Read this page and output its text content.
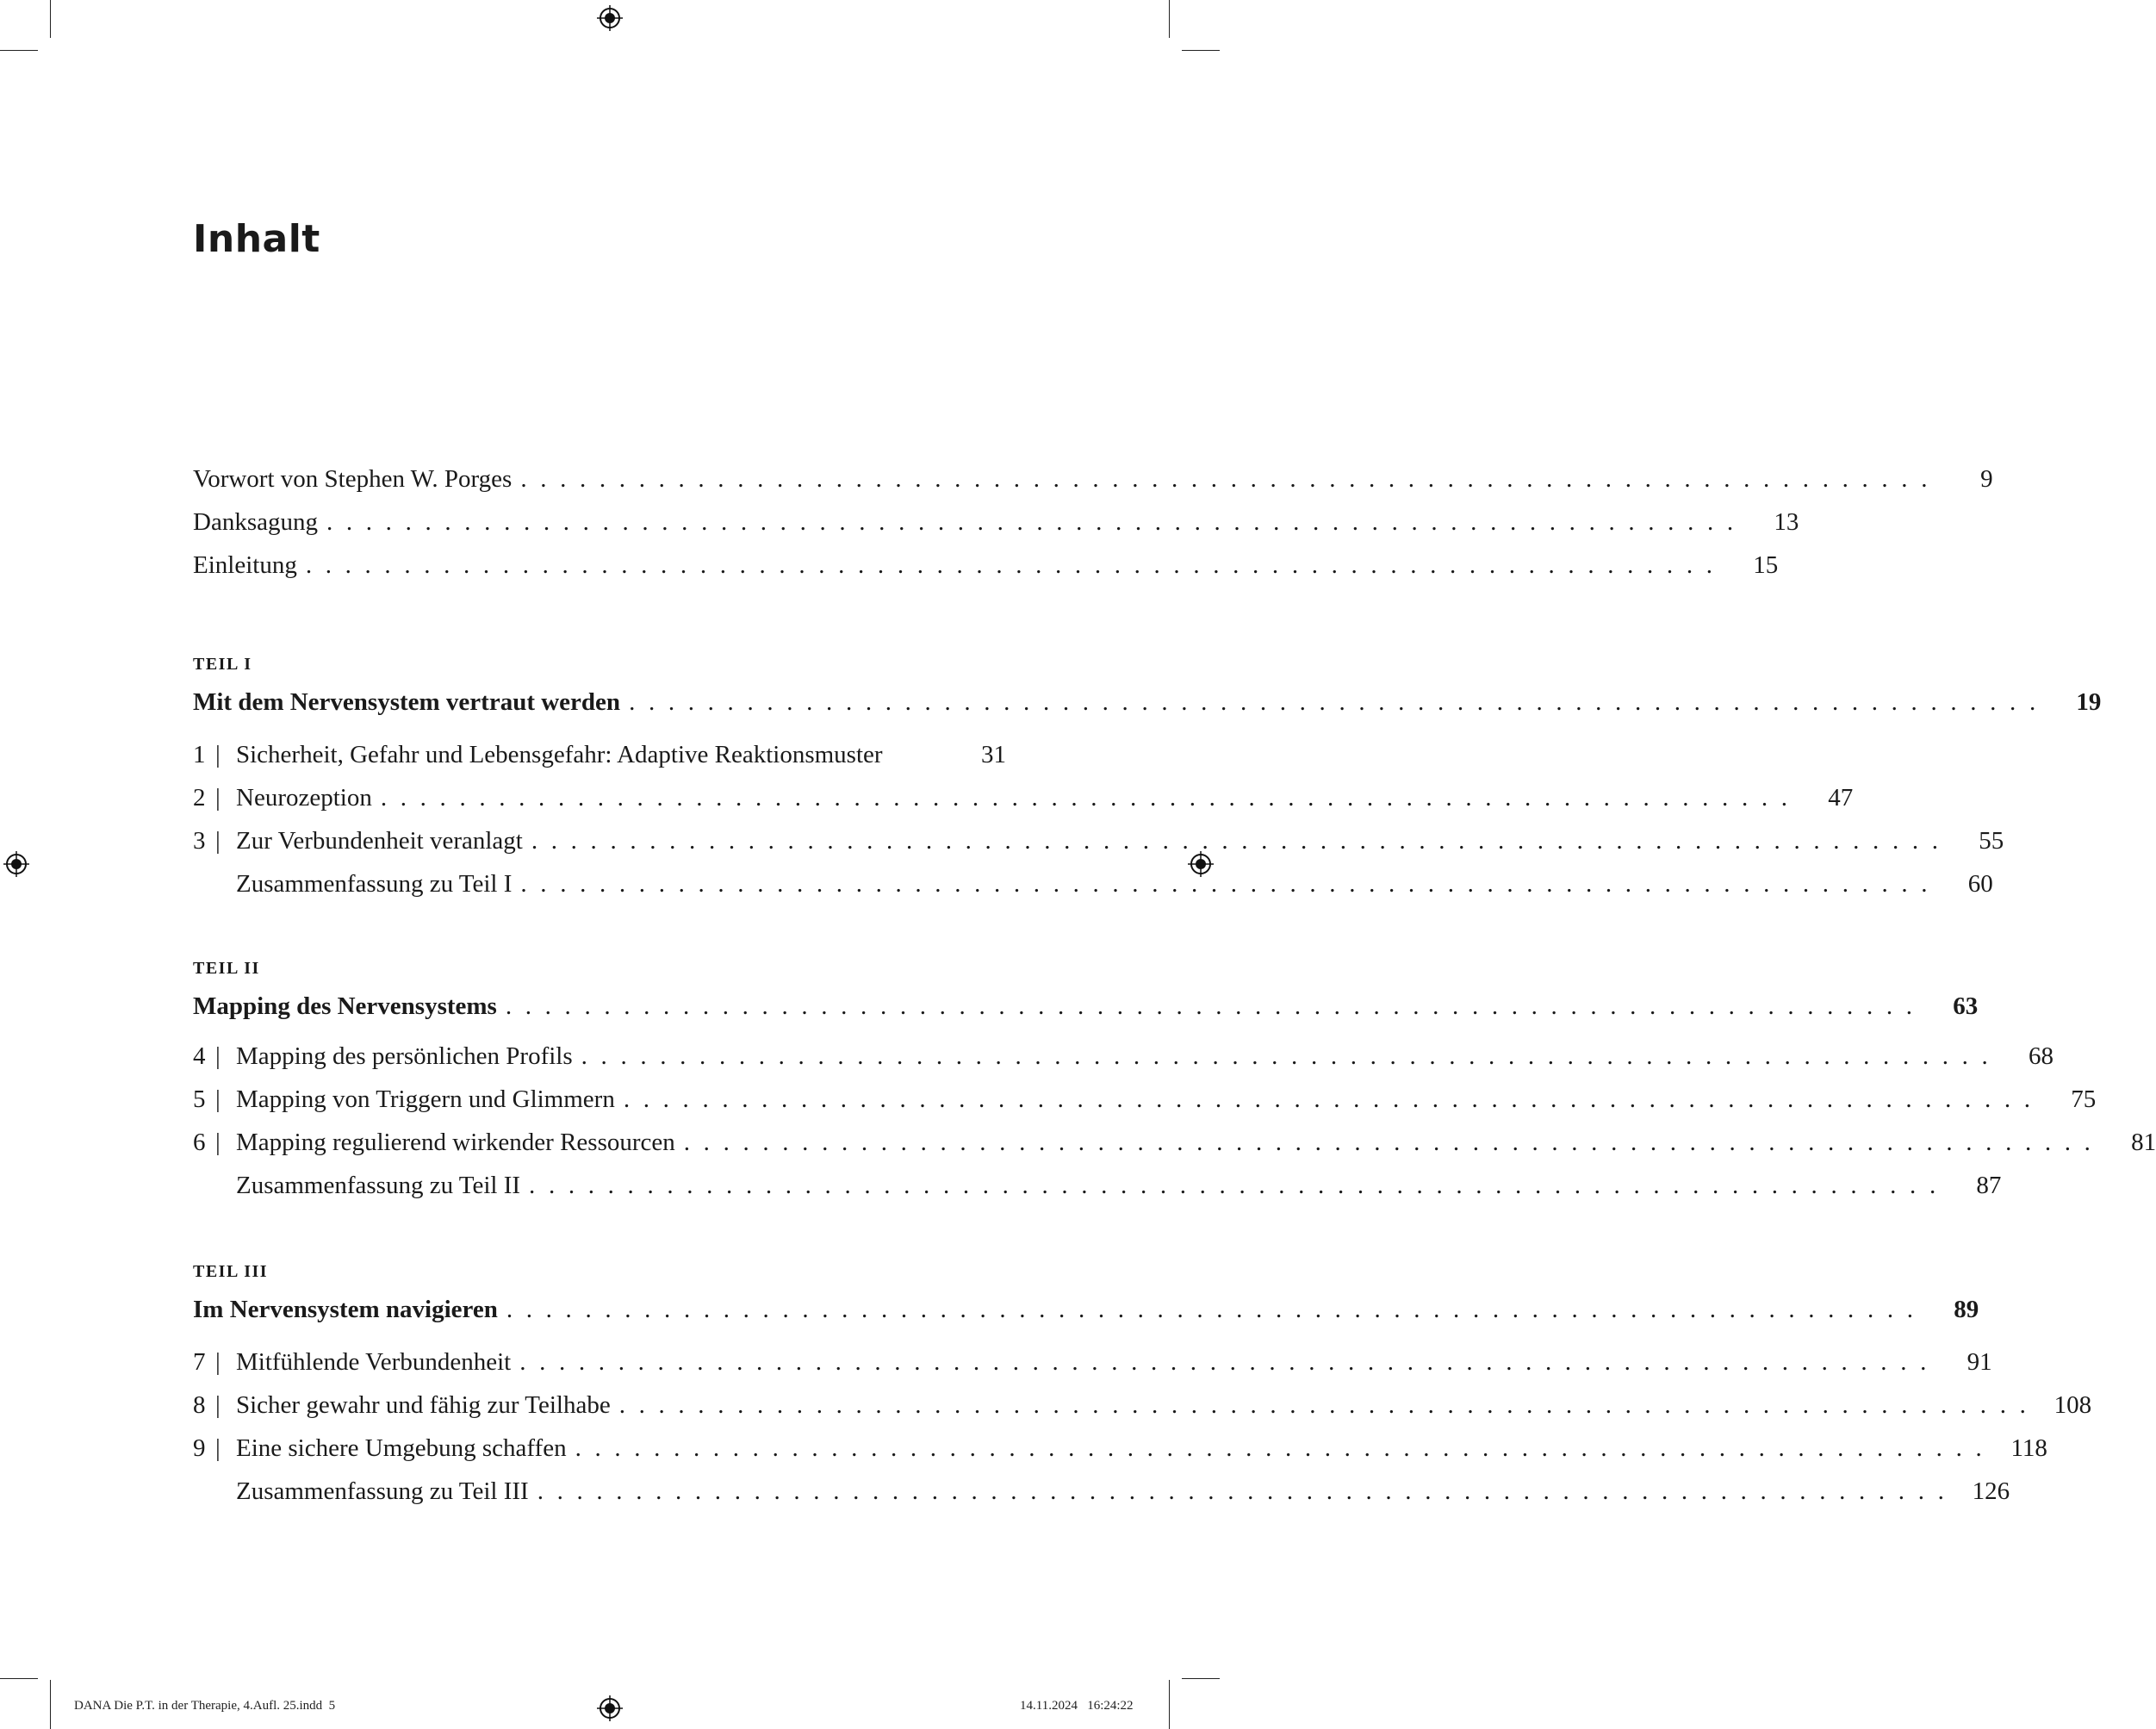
Inhalt
Vorwort von Stephen W. Porges . . . . . . . . . . . . . . . . . . . . . . . . . . . . . . . . . . . . . . . . . . . . . . . . . . . . . . . . . . . . . . . . . . . . . . . .	9
Danksagung . . . . . . . . . . . . . . . . . . . . . . . . . . . . . . . . . . . . . . . . . . . . . . . . . . . . . . . . . . . . . . . . . . . . . . . .	13
Einleitung . . . . . . . . . . . . . . . . . . . . . . . . . . . . . . . . . . . . . . . . . . . . . . . . . . . . . . . . . . . . . . . . . . . . . . . .	15
TEIL I
Mit dem Nervensystem vertraut werden . . . . . . . . . . . . . . . . . . . . . . . . . . . . . . . . . . . . . . . . . . . . . . . . . . . . . . . . . . . . . . . . . . . . . . . .	19
1 | Sicherheit, Gefahr und Lebensgefahr: Adaptive Reaktionsmuster	31
2 | Neurozeption . . . . . . . . . . . . . . . . . . . . . . . . . . . . . . . . . . . . . . . . . . . . . . . . . . . . . . . . . . . . . . . . . . . . . . . .	47
3 | Zur Verbundenheit veranlagt . . . . . . . . . . . . . . . . . . . . . . . . . . . . . . . . . . . . . . . . . . . . . . . . . . . . . . . . . . . . . . . . . . . . . . . .	55
Zusammenfassung zu Teil I . . . . . . . . . . . . . . . . . . . . . . . . . . . . . . . . . . . . . . . . . . . . . . . . . . . . . . . . . . . . . . . . . . . . . . . .	60
TEIL II
Mapping des Nervensystems . . . . . . . . . . . . . . . . . . . . . . . . . . . . . . . . . . . . . . . . . . . . . . . . . . . . . . . . . . . . . . . . . . . . . . . .	63
4 | Mapping des persönlichen Profils . . . . . . . . . . . . . . . . . . . . . . . . . . . . . . . . . . . . . . . . . . . . . . . . . . . . . . . . . . . . . . . . . . . . . . . .	68
5 | Mapping von Triggern und Glimmern . . . . . . . . . . . . . . . . . . . . . . . . . . . . . . . . . . . . . . . . . . . . . . . . . . . . . . . . . . . . . . . . . . . . . . . .	75
6 | Mapping regulierend wirkender Ressourcen . . . . . . . . . . . . . . . . . . . . . . . . . . . . . . . . . . . . . . . . . . . . . . . . . . . . . . . . . . . . . . . . . . . . . . . .	81
Zusammenfassung zu Teil II . . . . . . . . . . . . . . . . . . . . . . . . . . . . . . . . . . . . . . . . . . . . . . . . . . . . . . . . . . . . . . . . . . . . . . . .	87
TEIL III
Im Nervensystem navigieren . . . . . . . . . . . . . . . . . . . . . . . . . . . . . . . . . . . . . . . . . . . . . . . . . . . . . . . . . . . . . . . . . . . . . . . .	89
7 | Mitfühlende Verbundenheit . . . . . . . . . . . . . . . . . . . . . . . . . . . . . . . . . . . . . . . . . . . . . . . . . . . . . . . . . . . . . . . . . . . . . . . .	91
8 | Sicher gewahr und fähig zur Teilhabe . . . . . . . . . . . . . . . . . . . . . . . . . . . . . . . . . . . . . . . . . . . . . . . . . . . . . . . . . . . . . . . . . . . . . . . . 108
9 | Eine sichere Umgebung schaffen . . . . . . . . . . . . . . . . . . . . . . . . . . . . . . . . . . . . . . . . . . . . . . . . . . . . . . . . . . . . . . . . . . . . . . . .	118
Zusammenfassung zu Teil III . . . . . . . . . . . . . . . . . . . . . . . . . . . . . . . . . . . . . . . . . . . . . . . . . . . . . . . . . . . . . . . . . . . . . . . . 126
DANA Die P.T. in der Therapie, 4.Aufl. 25.indd 5	14.11.2024 16:24:22
